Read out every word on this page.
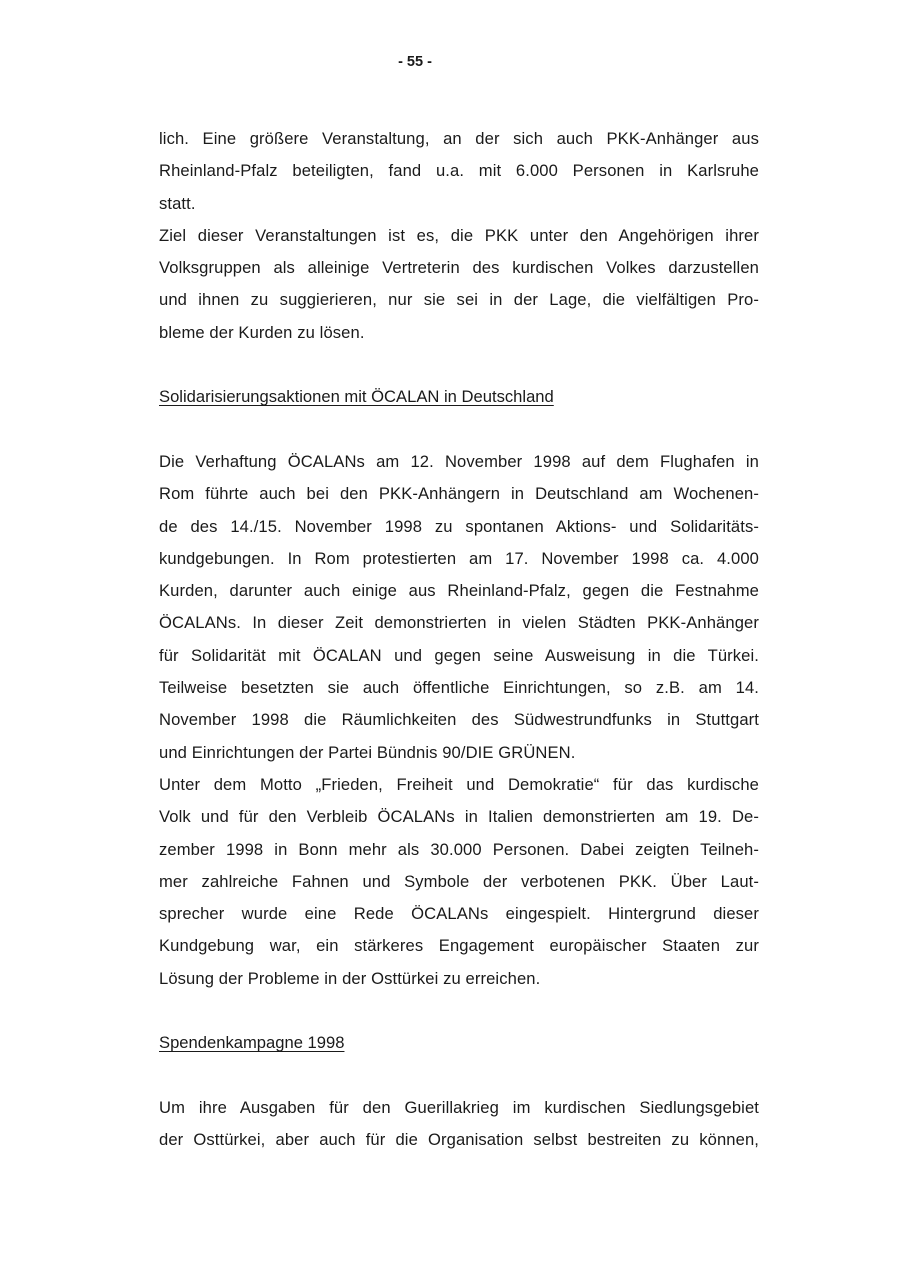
- 55 -
lich. Eine größere Veranstaltung, an der sich auch PKK-Anhänger aus
Rheinland-Pfalz beteiligten, fand u.a. mit 6.000 Personen in Karlsruhe
statt.
Ziel dieser Veranstaltungen ist es, die PKK unter den Angehörigen ihrer
Volksgruppen als alleinige Vertreterin des kurdischen Volkes darzustellen
und ihnen zu suggierieren, nur sie sei in der Lage, die vielfältigen Pro-
bleme der Kurden zu lösen.
Solidarisierungsaktionen mit ÖCALAN in Deutschland
Die Verhaftung ÖCALANs am 12. November 1998 auf dem Flughafen in
Rom führte auch bei den PKK-Anhängern in Deutschland am Wochenen-
de des 14./15. November 1998 zu spontanen Aktions- und Solidaritäts-
kundgebungen. In Rom protestierten am 17. November 1998 ca. 4.000
Kurden, darunter auch einige aus Rheinland-Pfalz, gegen die Festnahme
ÖCALANs. In dieser Zeit demonstrierten in vielen Städten PKK-Anhänger
für Solidarität mit ÖCALAN und gegen seine Ausweisung in die Türkei.
Teilweise besetzten sie auch öffentliche Einrichtungen, so z.B. am 14.
November 1998 die Räumlichkeiten des Südwestrundfunks in Stuttgart
und Einrichtungen der Partei Bündnis 90/DIE GRÜNEN.
Unter dem Motto „Frieden, Freiheit und Demokratie“ für das kurdische
Volk und für den Verbleib ÖCALANs in Italien demonstrierten am 19. De-
zember 1998 in Bonn mehr als 30.000 Personen. Dabei zeigten Teilneh-
mer zahlreiche Fahnen und Symbole der verbotenen PKK. Über Laut-
sprecher wurde eine Rede ÖCALANs eingespielt. Hintergrund dieser
Kundgebung war, ein stärkeres Engagement europäischer Staaten zur
Lösung der Probleme in der Osttürkei zu erreichen.
Spendenkampagne 1998
Um ihre Ausgaben für den Guerillakrieg im kurdischen Siedlungsgebiet
der Osttürkei, aber auch für die Organisation selbst bestreiten zu können,
